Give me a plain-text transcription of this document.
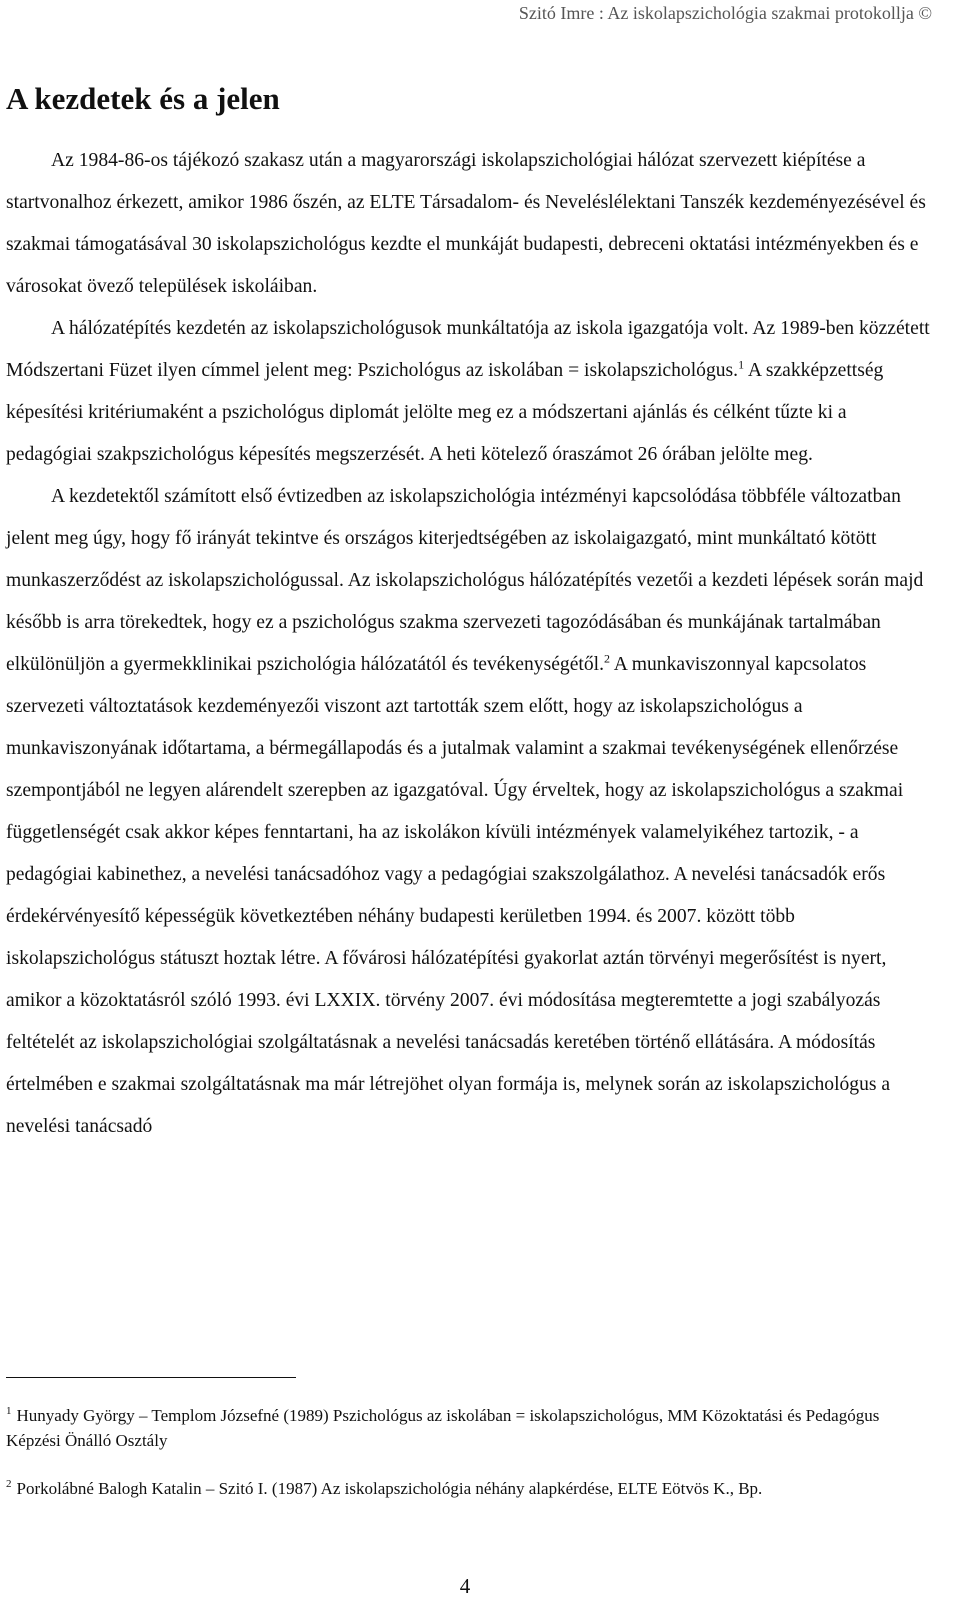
Szitó Imre : Az iskolapszichológia szakmai protokollja ©
A kezdetek és a jelen

Az 1984-86-os tájékozó szakasz után a magyarországi iskolapszichológiai hálózat szervezett kiépítése a startvonalhoz érkezett, amikor 1986 őszén, az ELTE Társadalom- és Neveléslélektani Tanszék kezdeményezésével és szakmai támogatásával 30 iskolapszichológus kezdte el munkáját budapesti, debreceni oktatási intézményekben és e városokat övező települések iskoláiban.

A hálózatépítés kezdetén az iskolapszichológusok munkáltatója az iskola igazgatója volt. Az 1989-ben közzétett Módszertani Füzet ilyen címmel jelent meg: Pszichológus az iskolában = iskolapszichológus.$^1$ A szakképzettség képesítési kritériumaként a pszichológus diplomát jelölte meg ez a módszertani ajánlás és célként tűzte ki a pedagógiai szakpszichológus képesítés megszerzését. A heti kötelező óraszámot 26 órában jelölte meg.

A kezdetektől számított első évtizedben az iskolapszichológia intézményi kapcsolódása többféle változatban jelent meg úgy, hogy fő irányát tekintve és országos kiterjedtségében az iskolaigazgató, mint munkáltató kötött munkaszerződést az iskolapszichológussal. Az iskolapszichológus hálózatépítés vezetői a kezdeti lépések során majd később is arra törekedtek, hogy ez a pszichológus szakma szervezeti tagozódásában és munkájának tartalmában elkülönüljön a gyermekklinikai pszichológia hálózatától és tevékenységétől.$^2$ A munkaviszonnyal kapcsolatos szervezeti változtatások kezdeményezői viszont azt tartották szem előtt, hogy az iskolapszichológus a munkaviszonyának időtartama, a bérmegállapodás és a jutalmak valamint a szakmai tevékenységének ellenőrzése szempontjából ne legyen alárendelt szerepben az igazgatóval. Úgy érveltek, hogy az iskolapszichológus a szakmai függetlenségét csak akkor képes fenntartani, ha az iskolákon kívüli intézmények valamelyikéhez tartozik, - a pedagógiai kabinethez, a nevelési tanácsadóhoz vagy a pedagógiai szakszolgálathoz. A nevelési tanácsadók erős érdekérvényesítő képességük következtében néhány budapesti kerületben 1994. és 2007. között több iskolapszichológus státuszt hoztak létre. A fővárosi hálózatépítési gyakorlat aztán törvényi megerősítést is nyert, amikor a közoktatásról szóló 1993. évi LXXIX. törvény 2007. évi módosítása megteremtette a jogi szabályozás feltételét az iskolapszichológiai szolgáltatásnak a nevelési tanácsadás keretében történő ellátására. A módosítás értelmében e szakmai szolgáltatásnak ma már létrejöhet olyan formája is, melynek során az iskolapszichológus a nevelési tanácsadó

$^1$ Hunyady György – Templom Józsefné (1989) Pszichológus az iskolában = iskolapszichológus, MM Közoktatási és Pedagógus Képzési Önálló Osztály

$^2$ Porkolábné Balogh Katalin – Szitó I. (1987) Az iskolapszichológia néhány alapkérdése, ELTE Eötvös K., Bp.

4
